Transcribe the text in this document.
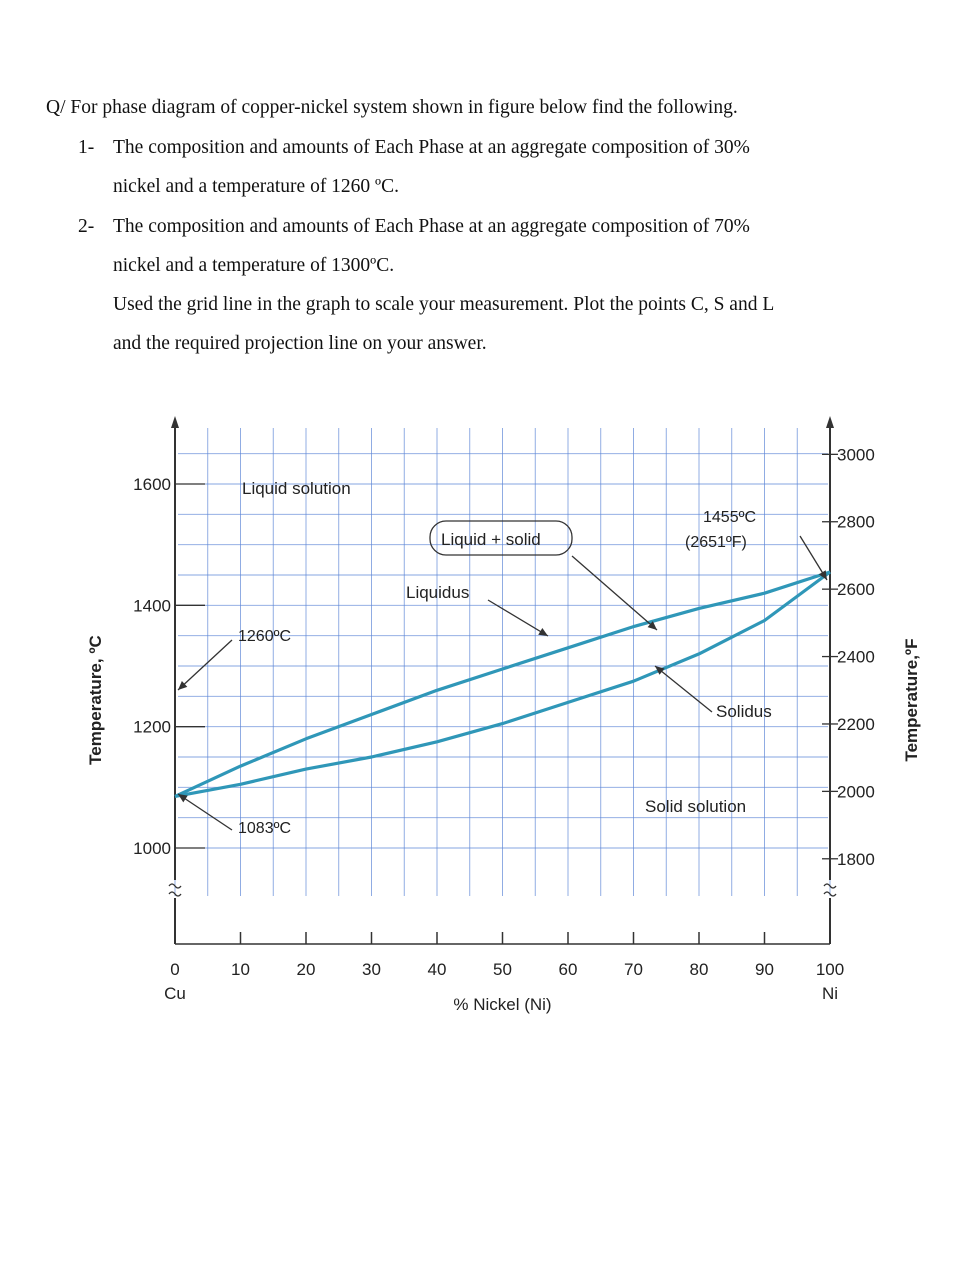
Q/ For phase diagram of copper-nickel system shown in figure below find the following.
1- The composition and amounts of Each Phase at an aggregate composition of 30%
nickel and a temperature of 1260 ºC.
2- The composition and amounts of Each Phase at an aggregate composition of 70%
nickel and a temperature of 1300ºC.
Used the grid line in the graph to scale your measurement. Plot the points C, S and L
and the required projection line on your answer.
0	10	20	30	40	50	60	70	80	90 100
Cu	Ni
% Nickel (Ni)
1000
1200
1400
1600
1800
2000
2200
2400
2600
2800
3000
Temperature, ºC	Temperature,ºF
Liquid solution
Liquid + solid
Solid solution
Liquidus
Solidus
1455ºC
(2651ºF)
1260ºC
1083ºC
